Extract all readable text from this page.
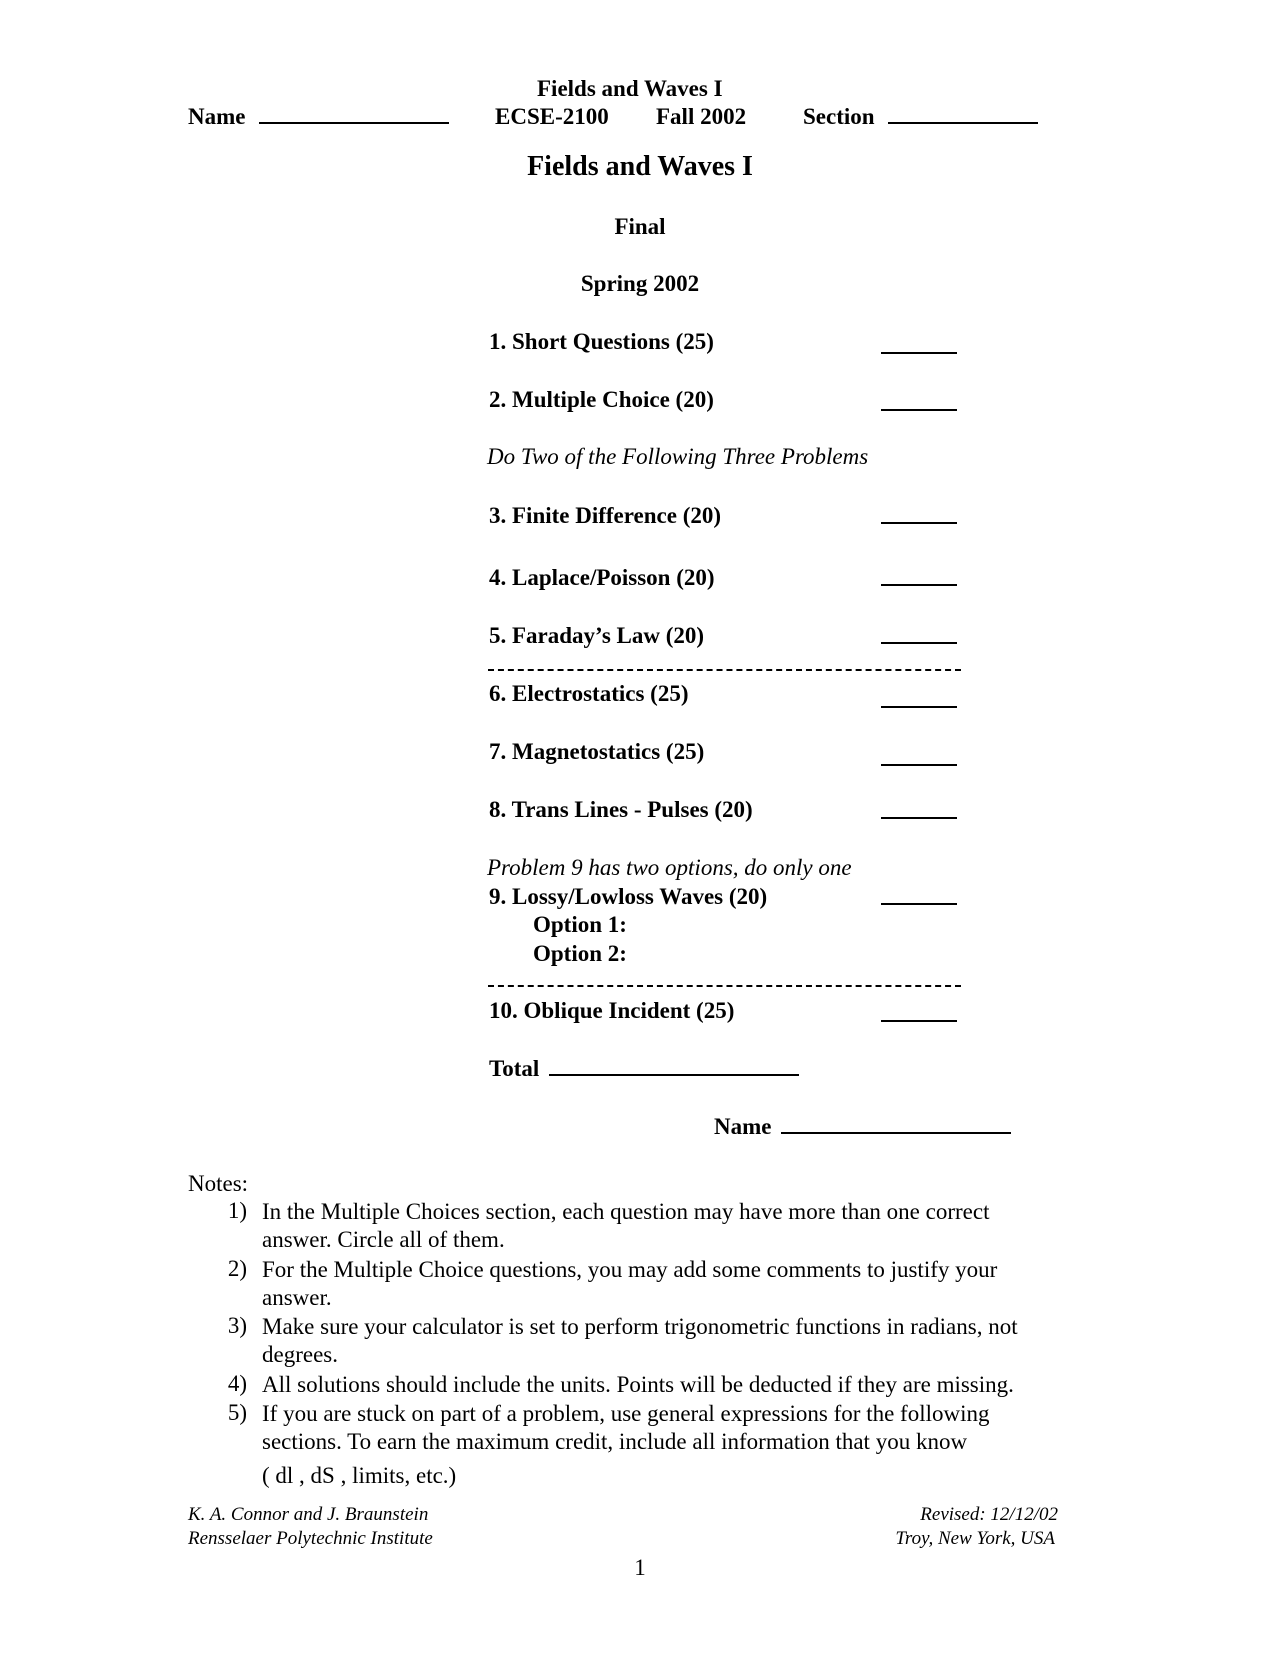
Fields and Waves I
Name	ECSE-2100 Fall 2002 Section
Fields and Waves I
Final
Spring 2002
1. Short Questions (25)
2. Multiple Choice (20)
Do Two of the Following Three Problems
3. Finite Difference (20)
4. Laplace/Poisson (20)
5. Faraday’s Law (20)
6. Electrostatics (25)
7. Magnetostatics (25)
8. Trans Lines - Pulses (20)
Problem 9 has two options, do only one
9. Lossy/Lowloss Waves (20)
Option 1:
Option 2:
10. Oblique Incident (25)
Total
Name
Notes:
1) In the Multiple Choices section, each question may have more than one correct
answer. Circle all of them.
2) For the Multiple Choice questions, you may add some comments to justify your
answer.
3) Make sure your calculator is set to perform trigonometric functions in radians, not
degrees.
4) All solutions should include the units. Points will be deducted if they are missing.
5) If you are stuck on part of a problem, use general expressions for the following
sections. To earn the maximum credit, include all information that you know
( dl , dS , limits, etc.)
K. A. Connor and J. Braunstein
Rensselaer Polytechnic Institute
Revised: 12/12/02
Troy, New York, USA
1
